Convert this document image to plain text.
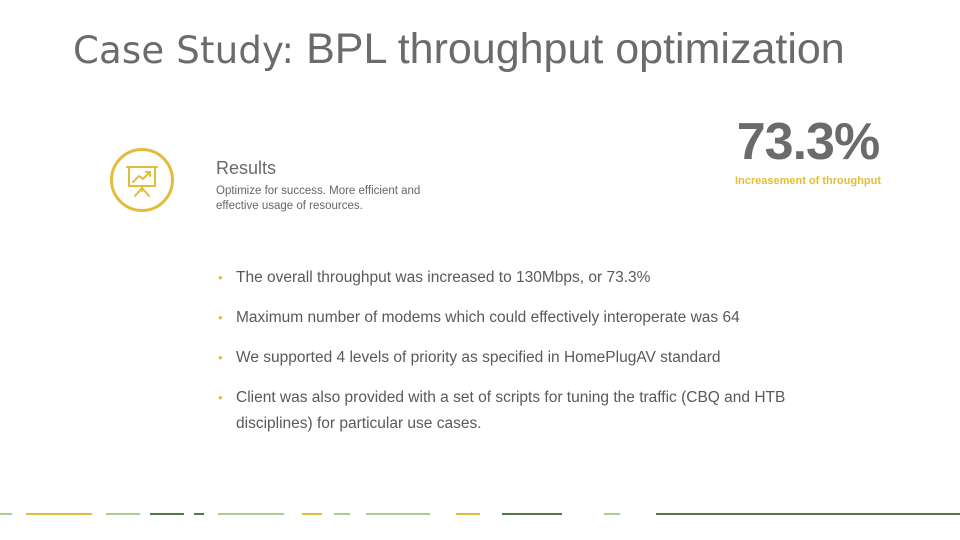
Case Study: BPL throughput optimization
Results

Optimize for success. More efficient and effective usage of resources.

73.3%
Increasement of throughput
• The overall throughput was increased to 130Mbps, or 73.3%
• Maximum number of modems which could effectively interoperate was 64
• We supported 4 levels of priority as specified in HomePlugAV standard
• Client was also provided with a set of scripts for tuning the traffic (CBQ and HTB disciplines) for particular use cases.
